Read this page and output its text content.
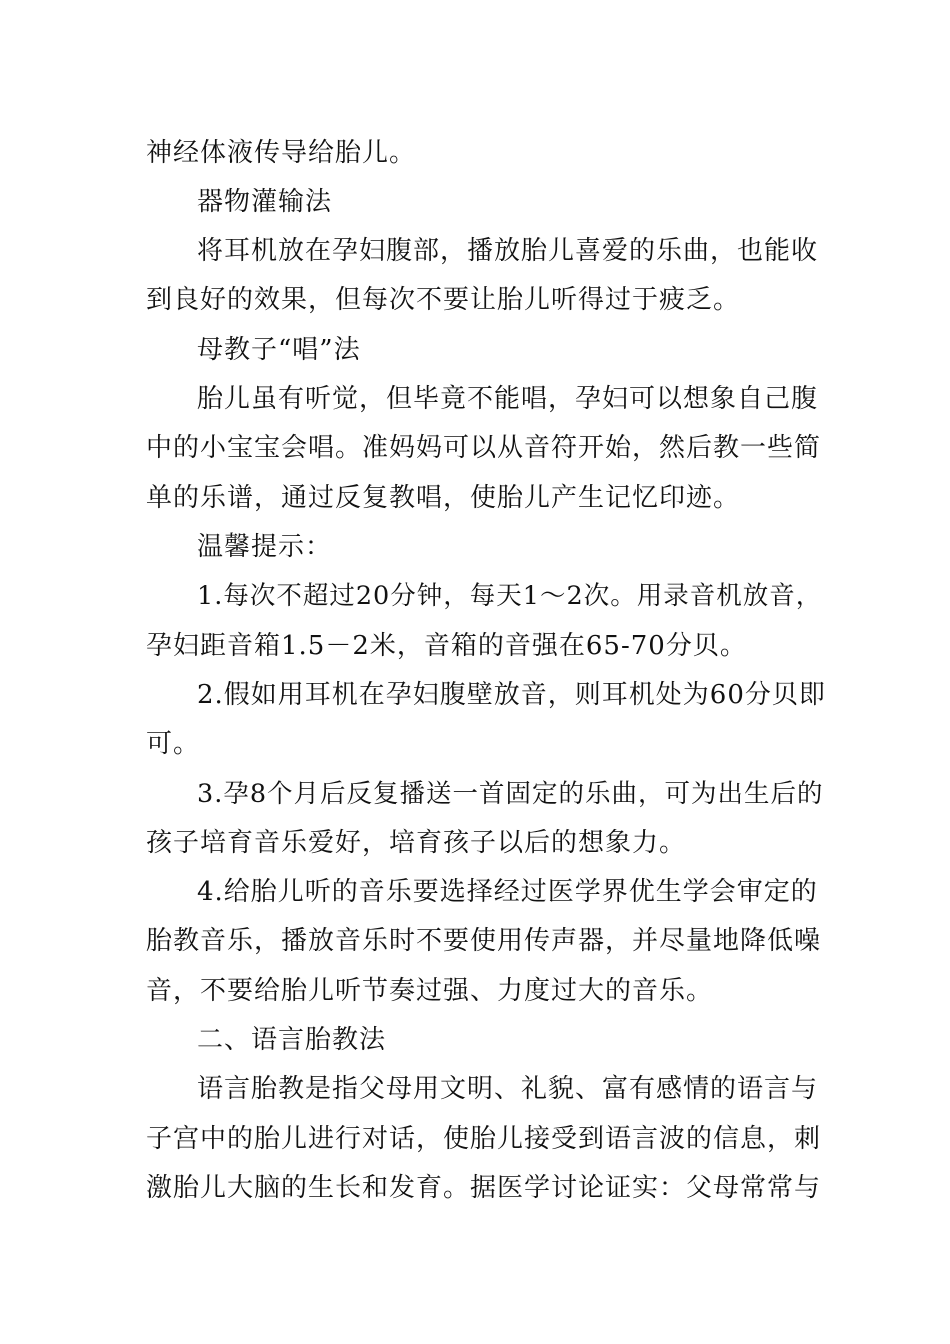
神经体液传导给胎儿。
器物灌输法
将耳机放在孕妇腹部，播放胎儿喜爱的乐曲，也能收
到良好的效果，但每次不要让胎儿听得过于疲乏。
母教子“唱”法
胎儿虽有听觉，但毕竟不能唱，孕妇可以想象自己腹
中的小宝宝会唱。准妈妈可以从音符开始，然后教一些简
单的乐谱，通过反复教唱，使胎儿产生记忆印迹。
温馨提示：
1.每次不超过20分钟，每天1～2次。用录音机放音，
孕妇距音箱1.5－2米，音箱的音强在65-70分贝。
2.假如用耳机在孕妇腹壁放音，则耳机处为60分贝即
可。
3.孕8个月后反复播送一首固定的乐曲，可为出生后的
孩子培育音乐爱好，培育孩子以后的想象力。
4.给胎儿听的音乐要选择经过医学界优生学会审定的
胎教音乐，播放音乐时不要使用传声器，并尽量地降低噪
音，不要给胎儿听节奏过强、力度过大的音乐。
二、语言胎教法
语言胎教是指父母用文明、礼貌、富有感情的语言与
子宫中的胎儿进行对话，使胎儿接受到语言波的信息，刺
激胎儿大脑的生长和发育。据医学讨论证实：父母常常与
